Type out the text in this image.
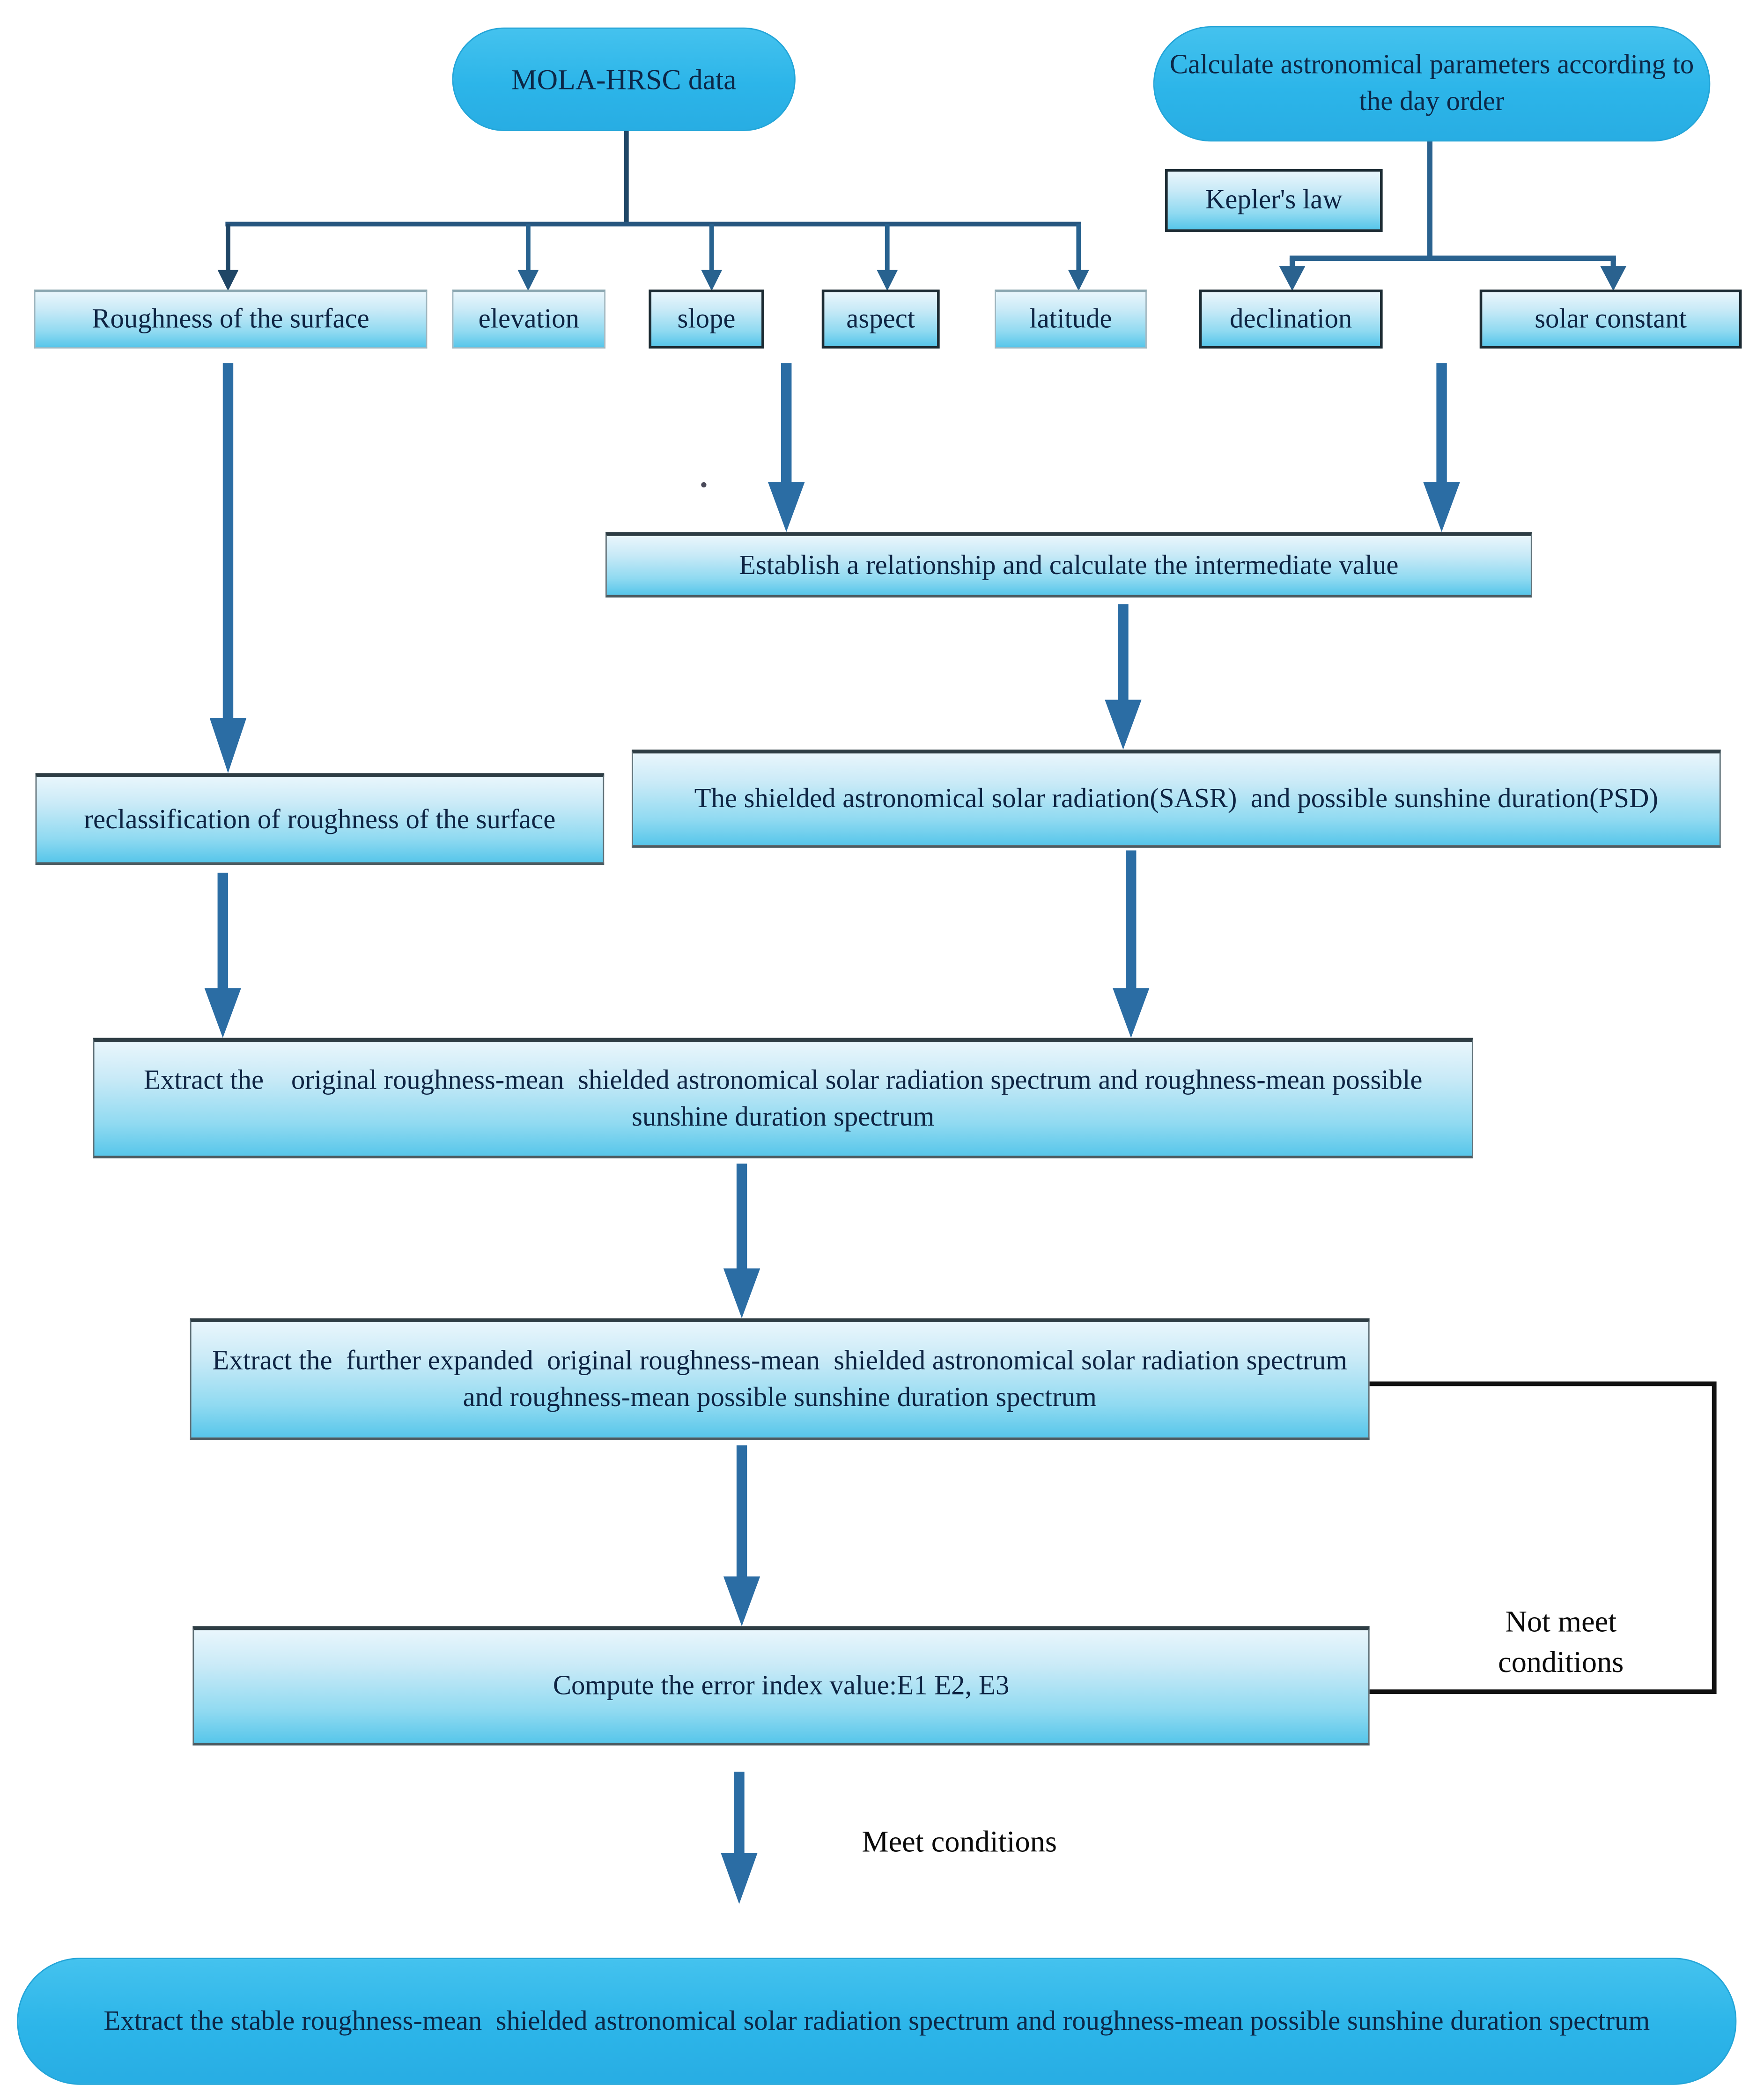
MOLA-HRSC data	Calculate astronomical parameters according to the day order
Kepler's law
Roughness of the surface	elevation	slope	aspect	latitude	declination	solar constant
Establish a relationship and calculate the intermediate value
reclassification of roughness of the surface
The shielded astronomical solar radiation(SASR)  and possible sunshine duration(PSD)
Extract the    original roughness-mean  shielded astronomical solar radiation spectrum and roughness-mean possible sunshine duration spectrum
Extract the  further expanded  original roughness-mean  shielded astronomical solar radiation spectrum and roughness-mean possible sunshine duration spectrum
Compute the error index value:E1 E2, E3
Extract the stable roughness-mean  shielded astronomical solar radiation spectrum and roughness-mean possible sunshine duration spectrum
Not meet conditions
Meet conditions
